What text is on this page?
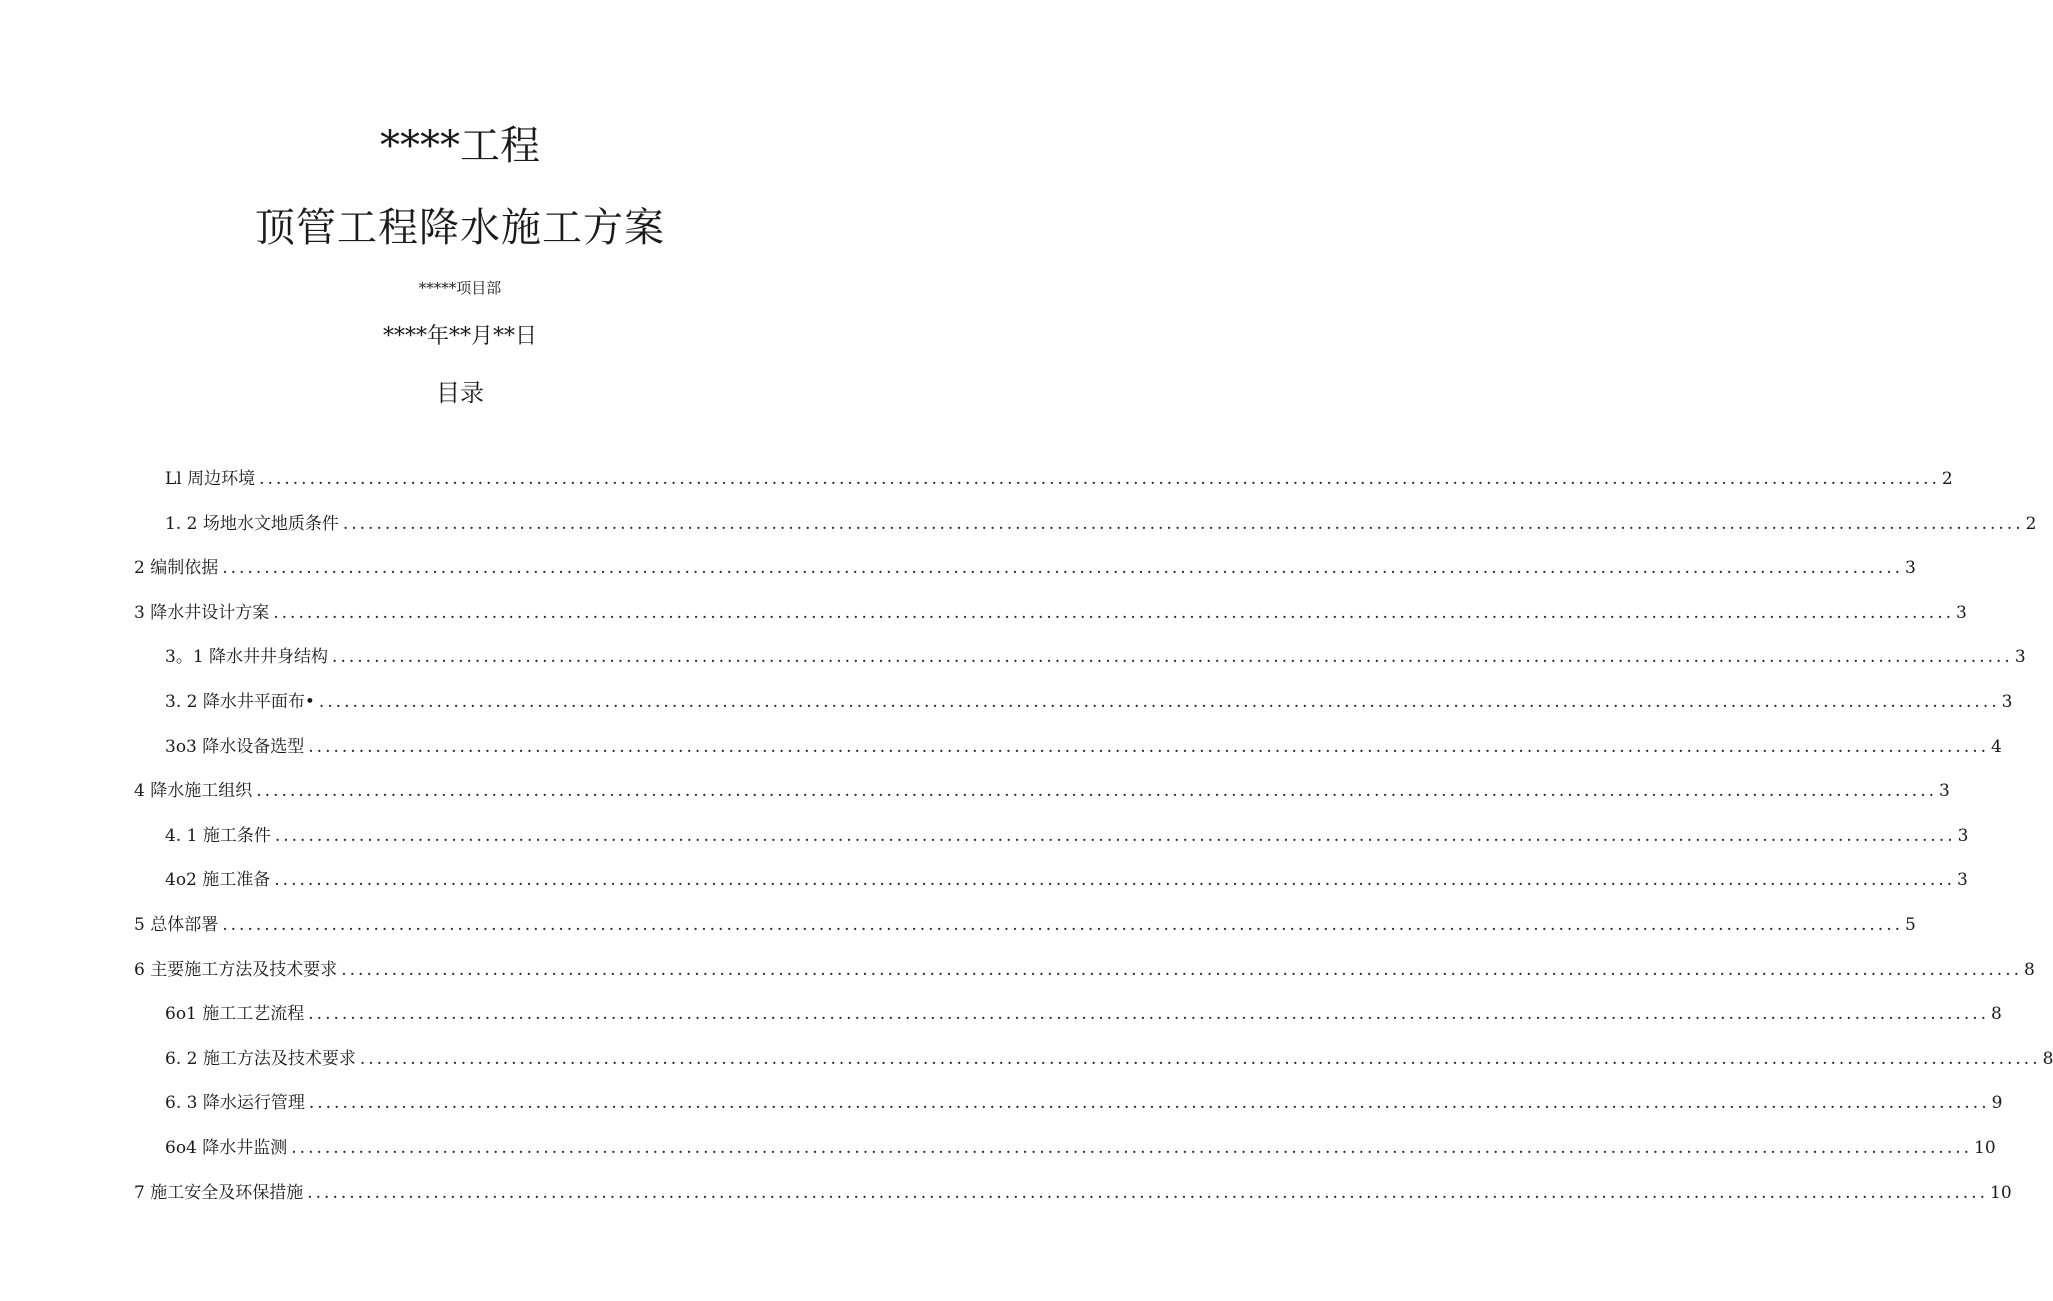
****工程
顶管工程降水施工方案
*****项目部
****年**月**日
目录
Ll 周边环境 ........................................................................................................................................................................................................ 2
1. 2 场地水文地质条件 ........................................................................................................................................................................................................ 2
2 编制依据 ........................................................................................................................................................................................................ 3
3 降水井设计方案 ........................................................................................................................................................................................................ 3
3。1 降水井井身结构 ........................................................................................................................................................................................................ 3
3. 2 降水井平面布• ........................................................................................................................................................................................................ 3
3o3 降水设备选型 ........................................................................................................................................................................................................ 4
4 降水施工组织 ........................................................................................................................................................................................................ 3
4. 1 施工条件 ........................................................................................................................................................................................................ 3
4o2 施工准备 ........................................................................................................................................................................................................ 3
5 总体部署 ........................................................................................................................................................................................................ 5
6 主要施工方法及技术要求 ........................................................................................................................................................................................................ 8
6o1 施工工艺流程 ........................................................................................................................................................................................................ 8
6. 2 施工方法及技术要求 ........................................................................................................................................................................................................ 8
6. 3 降水运行管理 ........................................................................................................................................................................................................ 9
6o4 降水井监测 ........................................................................................................................................................................................................ 10
7 施工安全及环保措施 ........................................................................................................................................................................................................ 10
